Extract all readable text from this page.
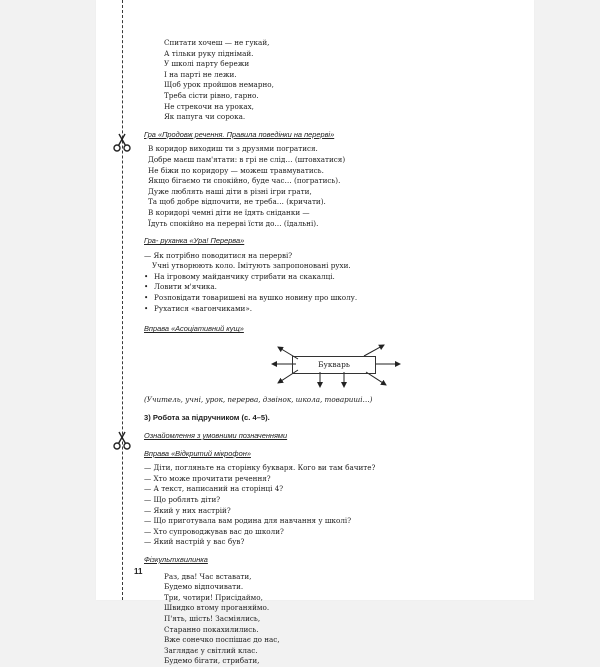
Спитати хочеш — не гукай,
А тільки руку піднімай.
У школі парту бережи
І на парті не лежи.
Щоб урок пройшов немарно,
Треба сісти рівно, гарно.
Не стрекочи на уроках,
Як папуга чи сорока.
Гра «Продовж речення. Правила поведінки на перерві»
В коридор виходиш ти з друзями погратися.
Добре маєш пам'ятати: в грі не слід… (штовхатися)
Не біжи по коридору — можеш травмуватись.
Якщо бігаємо ти спокійно, буде час… (погратись).
Дуже люблять наші діти в різні ігри грати,
Та щоб добре відпочити, не треба… (кричати).
В коридорі чемні діти не їдять сніданки —
Їдуть спокійно на перерві їсти до… (їдальні).
Гра- руханка «Ура! Перерва»
— Як потрібно поводитися на перерві?
Учні утворюють коло. Імітують запропоновані рухи.
• На ігровому майданчику стрибати на скакалці.
• Ловити м'ячика.
• Розповідати товаришеві на вушко новину про школу.
• Рухатися «вагончиками».
Вправа «Асоціативний кущ»
Букварь
(Учитель, учні, урок, перерва, дзвінок, школа, товариші…)
3) Робота за підручником (с. 4–5).
Ознайомлення з умовними позначеннями
Вправа «Відкритий мікрофон»
— Діти, погляньте на сторінку букваря. Кого ви там бачите?
— Хто може прочитати речення?
— А текст, написаний на сторінці 4?
— Що роблять діти?
— Який у них настрій?
— Що приготувала вам родина для навчання у школі?
— Хто супроводжував вас до школи?
— Який настрій у вас був?
Фізкультхвилинка
Раз, два! Час вставати,
Будемо відпочивати.
Три, чотири! Присідаймо,
Швидко втому проганяймо.
П'ять, шість! Засміялись,
Старанно покахилились.
Вже сонечко поспішає до нас,
Заглядає у світлий клас.
Будемо бігати, стрибати,
11
